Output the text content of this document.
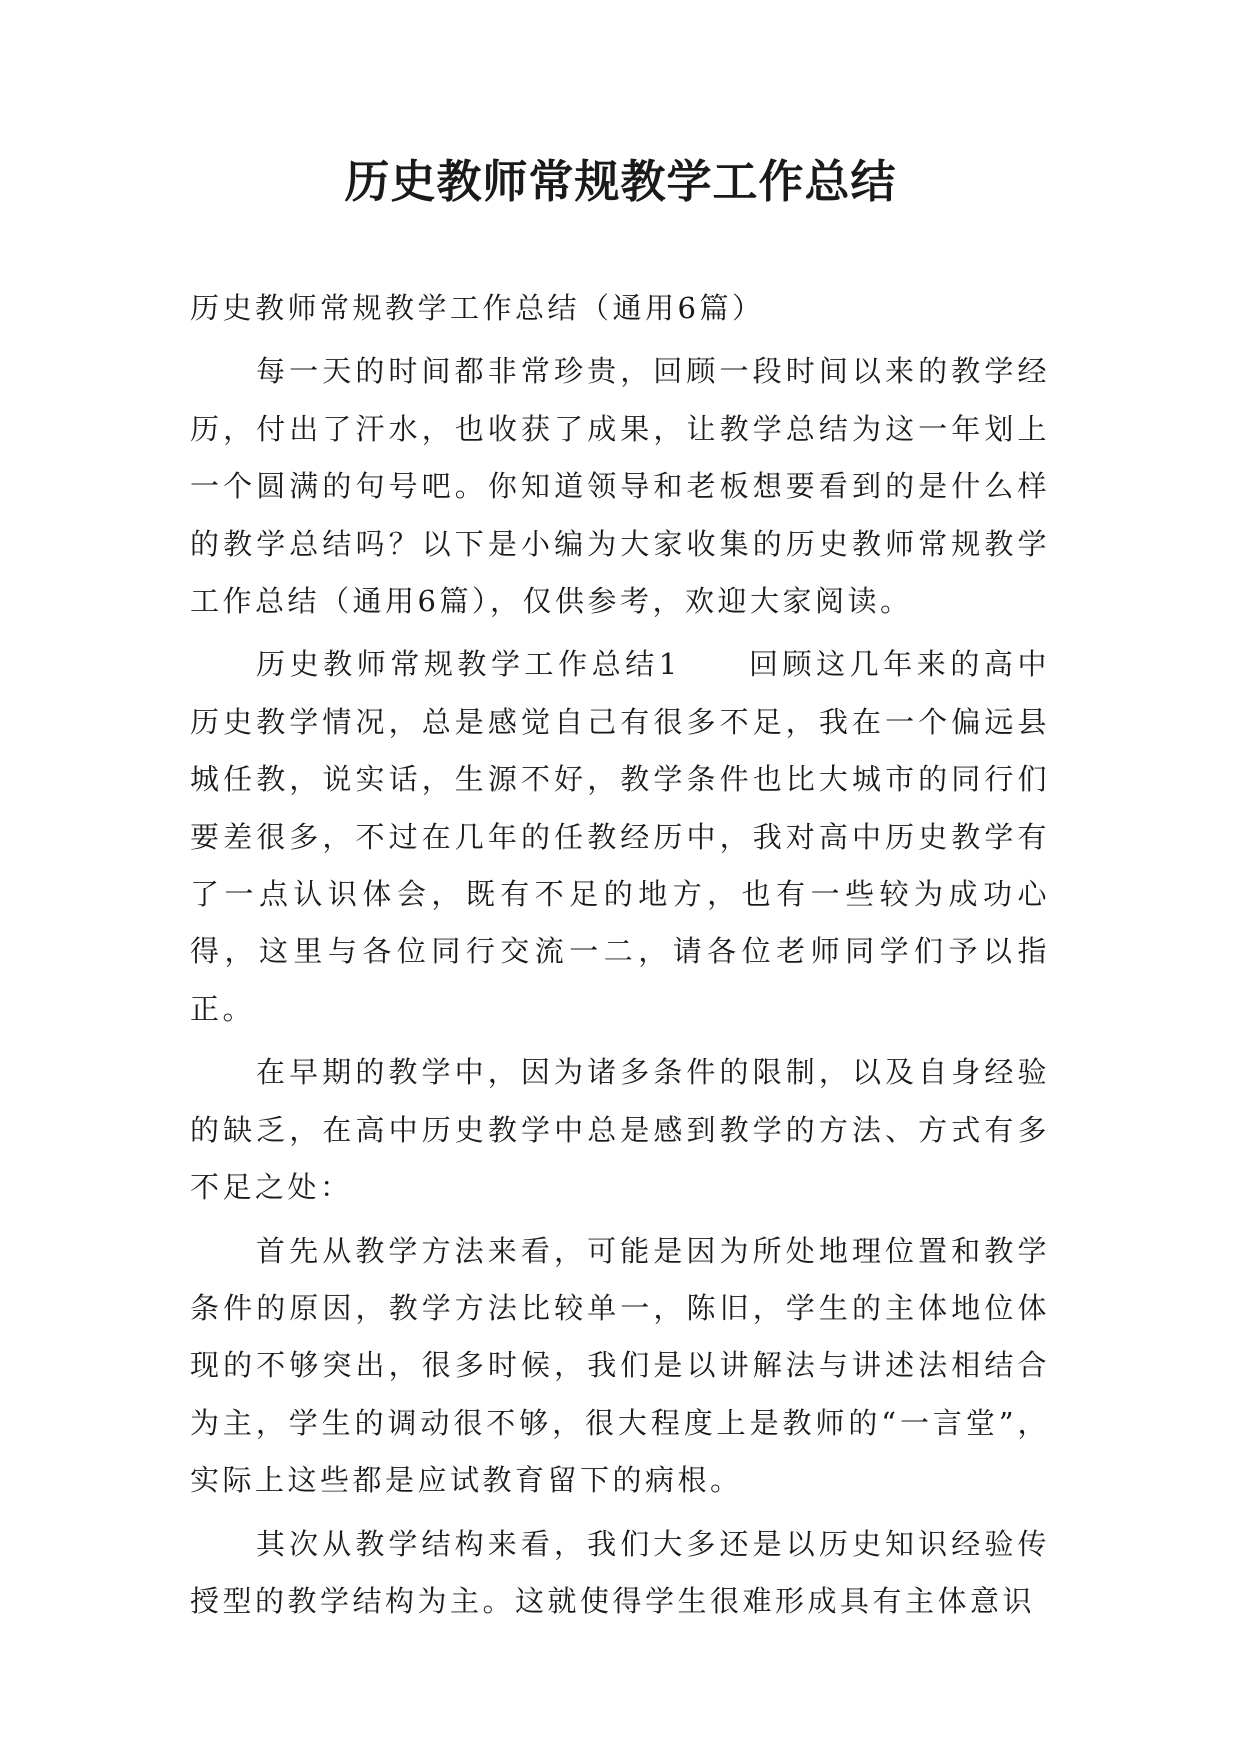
历史教师常规教学工作总结

历史教师常规教学工作总结（通用6篇）

每一天的时间都非常珍贵，回顾一段时间以来的教学经历，付出了汗水，也收获了成果，让教学总结为这一年划上一个圆满的句号吧。你知道领导和老板想要看到的是什么样的教学总结吗？以下是小编为大家收集的历史教师常规教学工作总结（通用6篇），仅供参考，欢迎大家阅读。

历史教师常规教学工作总结1　　回顾这几年来的高中历史教学情况，总是感觉自己有很多不足，我在一个偏远县城任教，说实话，生源不好，教学条件也比大城市的同行们要差很多，不过在几年的任教经历中，我对高中历史教学有了一点认识体会，既有不足的地方，也有一些较为成功心得，这里与各位同行交流一二，请各位老师同学们予以指正。

在早期的教学中，因为诸多条件的限制，以及自身经验的缺乏，在高中历史教学中总是感到教学的方法、方式有多不足之处：

首先从教学方法来看，可能是因为所处地理位置和教学条件的原因，教学方法比较单一，陈旧，学生的主体地位体现的不够突出，很多时候，我们是以讲解法与讲述法相结合为主，学生的调动很不够，很大程度上是教师的“一言堂”，实际上这些都是应试教育留下的病根。

其次从教学结构来看，我们大多还是以历史知识经验传授型的教学结构为主。这就使得学生很难形成具有主体意识
